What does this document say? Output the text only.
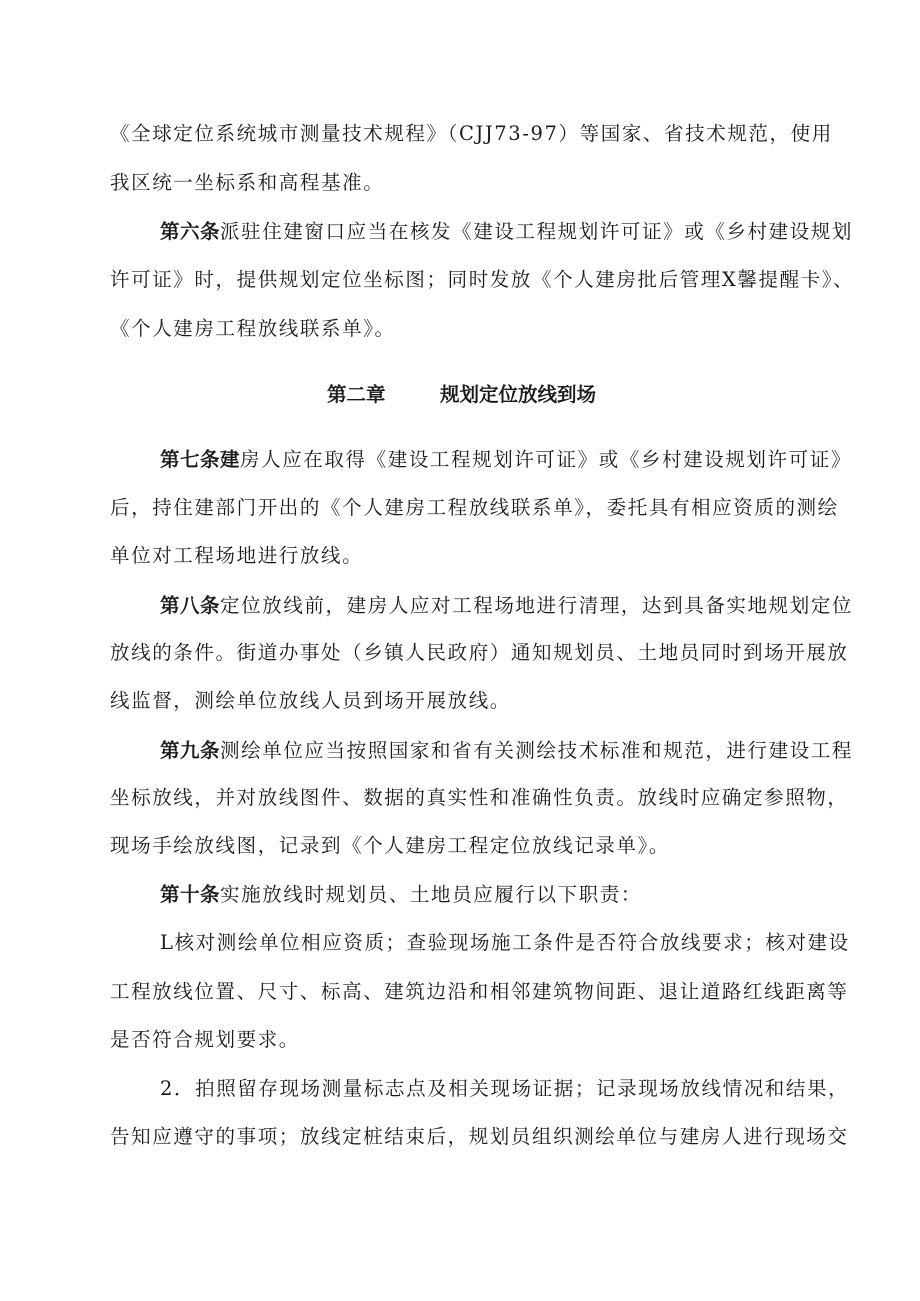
《全球定位系统城市测量技术规程》（CJJ73-97）等国家、省技术规范，使用
我区统一坐标系和高程基准。
第六条派驻住建窗口应当在核发《建设工程规划许可证》或《乡村建设规划
许可证》时，提供规划定位坐标图；同时发放《个人建房批后管理X馨提醒卡》、
《个人建房工程放线联系单》。
第二章	规划定位放线到场
第七条建房人应在取得《建设工程规划许可证》或《乡村建设规划许可证》
后，持住建部门开出的《个人建房工程放线联系单》，委托具有相应资质的测绘
单位对工程场地进行放线。
第八条定位放线前，建房人应对工程场地进行清理，达到具备实地规划定位
放线的条件。街道办事处（乡镇人民政府）通知规划员、土地员同时到场开展放
线监督，测绘单位放线人员到场开展放线。
第九条测绘单位应当按照国家和省有关测绘技术标准和规范，进行建设工程
坐标放线，并对放线图件、数据的真实性和准确性负责。放线时应确定参照物，
现场手绘放线图，记录到《个人建房工程定位放线记录单》。
第十条实施放线时规划员、土地员应履行以下职责：
L核对测绘单位相应资质；查验现场施工条件是否符合放线要求；核对建设
工程放线位置、尺寸、标高、建筑边沿和相邻建筑物间距、退让道路红线距离等
是否符合规划要求。
2．拍照留存现场测量标志点及相关现场证据；记录现场放线情况和结果，
告知应遵守的事项；放线定桩结束后，规划员组织测绘单位与建房人进行现场交
